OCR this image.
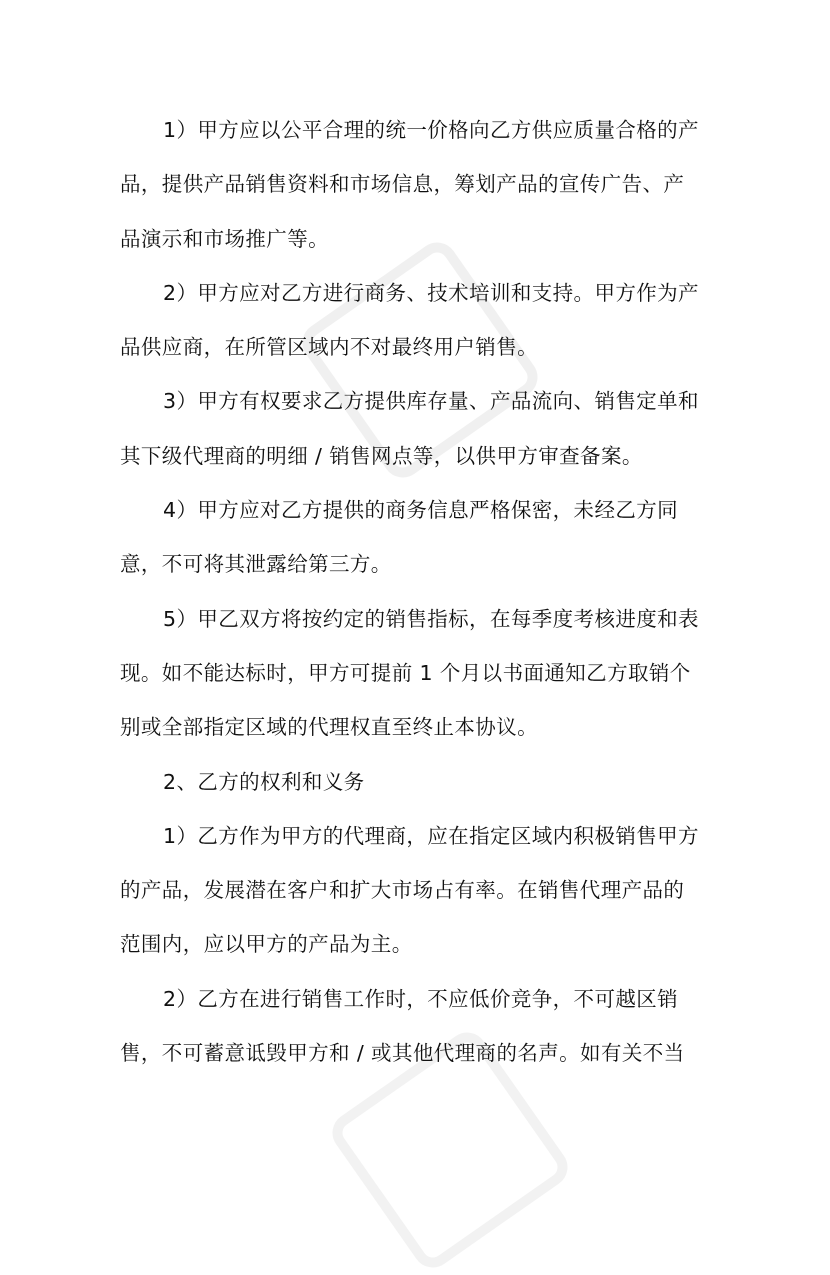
1）甲方应以公平合理的统一价格向乙方供应质量合格的产
品，提供产品销售资料和市场信息，筹划产品的宣传广告、产
品演示和市场推广等。
2）甲方应对乙方进行商务、技术培训和支持。甲方作为产
品供应商，在所管区域内不对最终用户销售。
3）甲方有权要求乙方提供库存量、产品流向、销售定单和
其下级代理商的明细 / 销售网点等，以供甲方审查备案。
4）甲方应对乙方提供的商务信息严格保密，未经乙方同
意，不可将其泄露给第三方。
5）甲乙双方将按约定的销售指标，在每季度考核进度和表
现。如不能达标时，甲方可提前 1 个月以书面通知乙方取销个
别或全部指定区域的代理权直至终止本协议。
2、乙方的权利和义务
1）乙方作为甲方的代理商，应在指定区域内积极销售甲方
的产品，发展潜在客户和扩大市场占有率。在销售代理产品的
范围内，应以甲方的产品为主。
2）乙方在进行销售工作时，不应低价竞争，不可越区销
售，不可蓄意诋毁甲方和 / 或其他代理商的名声。如有关不当
